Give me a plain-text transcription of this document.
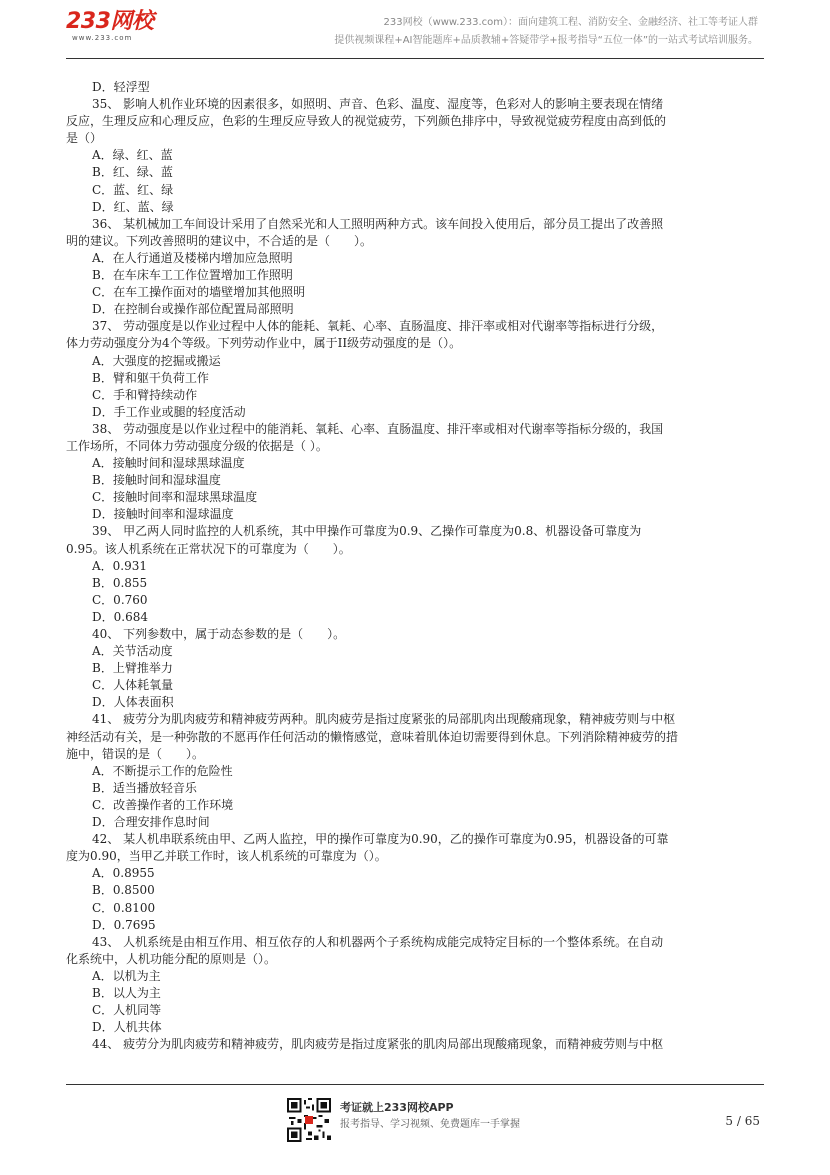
233网校
www.233.com
233网校（www.233.com）：面向建筑工程、消防安全、金融经济、社工等考证人群
提供视频课程+AI智能题库+品质教辅+答疑带学+报考指导“五位一体”的一站式考试培训服务。
D．轻浮型
35、 影响人机作业环境的因素很多，如照明、声音、色彩、温度、湿度等，色彩对人的影响主要表现在情绪
反应，生理反应和心理反应，色彩的生理反应导致人的视觉疲劳，下列颜色排序中，导致视觉疲劳程度由高到低的
是（）
A．绿、红、蓝
B．红、绿、蓝
C．蓝、红、绿
D．红、蓝、绿
36、 某机械加工车间设计采用了自然采光和人工照明两种方式。该车间投入使用后，部分员工提出了改善照
明的建议。下列改善照明的建议中，不合适的是（　　）。
A．在人行通道及楼梯内增加应急照明
B．在车床车工工作位置增加工作照明
C．在车工操作面对的墙壁增加其他照明
D．在控制台或操作部位配置局部照明
37、 劳动强度是以作业过程中人体的能耗、氧耗、心率、直肠温度、排汗率或相对代谢率等指标进行分级，
体力劳动强度分为4个等级。下列劳动作业中，属于II级劳动强度的是（）。
A．大强度的挖掘或搬运
B．臂和躯干负荷工作
C．手和臂持续动作
D．手工作业或腿的轻度活动
38、 劳动强度是以作业过程中的能消耗、氧耗、心率、直肠温度、排汗率或相对代谢率等指标分级的，我国
工作场所，不同体力劳动强度分级的依据是（ ）。
A．接触时间和湿球黑球温度
B．接触时间和湿球温度
C．接触时间率和湿球黑球温度
D．接触时间率和湿球温度
39、 甲乙两人同时监控的人机系统，其中甲操作可靠度为0.9、乙操作可靠度为0.8、机器设备可靠度为
0.95。该人机系统在正常状况下的可靠度为（　　）。
A．0.931
B．0.855
C．0.760
D．0.684
40、 下列参数中，属于动态参数的是（　　）。
A．关节活动度
B．上臂推举力
C．人体耗氧量
D．人体表面积
41、 疲劳分为肌肉疲劳和精神疲劳两种。肌肉疲劳是指过度紧张的局部肌肉出现酸痛现象，精神疲劳则与中枢
神经活动有关，是一种弥散的不愿再作任何活动的懒惰感觉，意味着肌体迫切需要得到休息。下列消除精神疲劳的措
施中，错误的是（　　）。
A．不断提示工作的危险性
B．适当播放轻音乐
C．改善操作者的工作环境
D．合理安排作息时间
42、 某人机串联系统由甲、乙两人监控，甲的操作可靠度为0.90，乙的操作可靠度为0.95，机器设备的可靠
度为0.90，当甲乙并联工作时，该人机系统的可靠度为（）。
A．0.8955
B．0.8500
C．0.8100
D．0.7695
43、 人机系统是由相互作用、相互依存的人和机器两个子系统构成能完成特定目标的一个整体系统。在自动
化系统中，人机功能分配的原则是（）。
A．以机为主
B．以人为主
C．人机同等
D．人机共体
44、 疲劳分为肌肉疲劳和精神疲劳，肌肉疲劳是指过度紧张的肌肉局部出现酸痛现象，而精神疲劳则与中枢
考证就上233网校APP
报考指导、学习视频、免费题库一手掌握	5 / 65
